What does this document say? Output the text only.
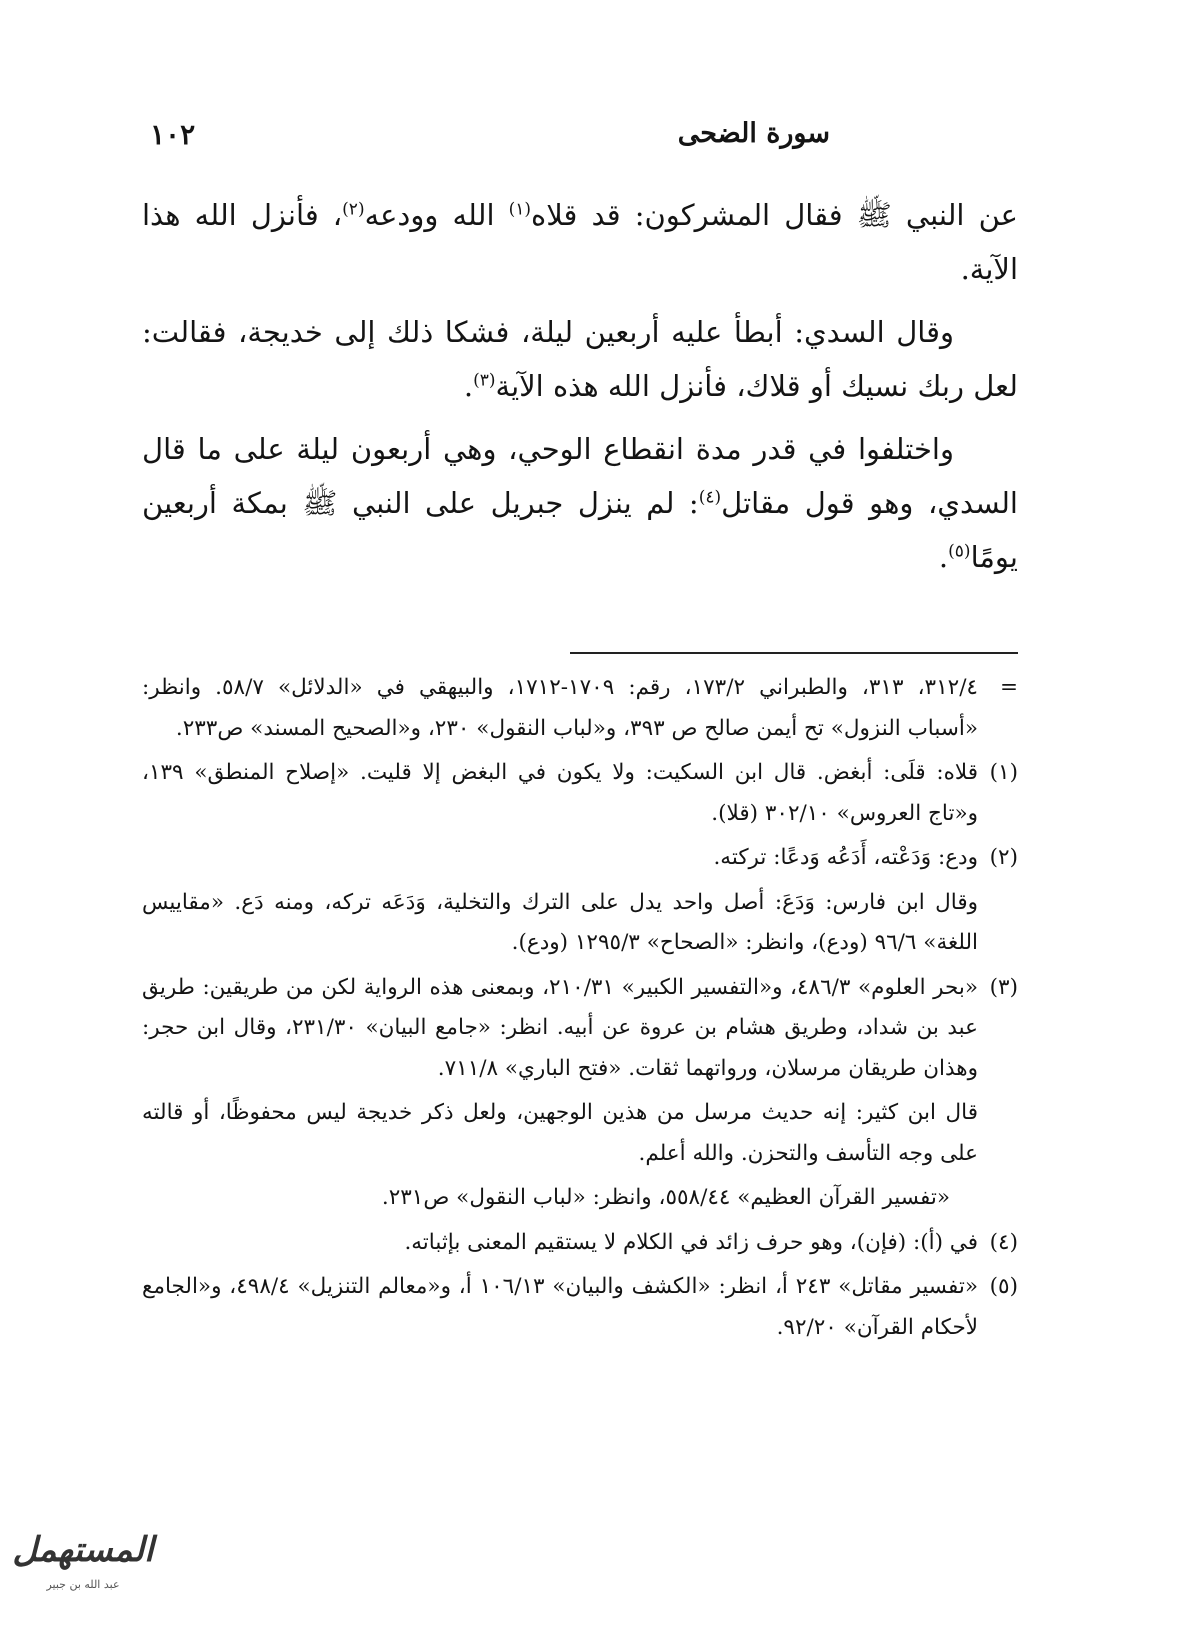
سورة الضحى
١٠٢

عن النبي ﷺ فقال المشركون: قد قلاه$^{(١)}$ الله وودعه$^{(٢)}$، فأنزل الله هذا الآية.

وقال السدي: أبطأ عليه أربعين ليلة، فشكا ذلك إلى خديجة، فقالت: لعل ربك نسيك أو قلاك، فأنزل الله هذه الآية$^{(٣)}$.

واختلفوا في قدر مدة انقطاع الوحي، وهي أربعون ليلة على ما قال السدي، وهو قول مقاتل$^{(٤)}$: لم ينزل جبريل على النبي ﷺ بمكة أربعين يومًا$^{(٥)}$.

=
٣١٢/٤، ٣١٣، والطبراني ١٧٣/٢، رقم: ١٧٠٩-١٧١٢، والبيهقي في «الدلائل» ٥٨/٧. وانظر: «أسباب النزول» تح أيمن صالح ص ٣٩٣، و«لباب النقول» ٢٣٠، و«الصحيح المسند» ص٢٣٣.
(١)
قلاه: قلَى: أبغض. قال ابن السكيت: ولا يكون في البغض إلا قليت. «إصلاح المنطق» ١٣٩، و«تاج العروس» ٣٠٢/١٠ (قلا).
(٢)
ودع: وَدَعْته، أَدَعُه وَدعًا: تركته.
وقال ابن فارس: وَدَعَ: أصل واحد يدل على الترك والتخلية، وَدَعَه تركه، ومنه دَع. «مقاييس اللغة» ٩٦/٦ (ودع)، وانظر: «الصحاح» ١٢٩٥/٣ (ودع).
(٣)
«بحر العلوم» ٤٨٦/٣، و«التفسير الكبير» ٢١٠/٣١، وبمعنى هذه الرواية لكن من طريقين: طريق عبد بن شداد، وطريق هشام بن عروة عن أبيه. انظر: «جامع البيان» ٢٣١/٣٠، وقال ابن حجر: وهذان طريقان مرسلان، ورواتهما ثقات. «فتح الباري» ٧١١/٨.
قال ابن كثير: إنه حديث مرسل من هذين الوجهين، ولعل ذكر خديجة ليس محفوظًا، أو قالته على وجه التأسف والتحزن. والله أعلم.
«تفسير القرآن العظيم» ٥٥٨/٤٤، وانظر: «لباب النقول» ص٢٣١.
(٤)
في (أ): (فإن)، وهو حرف زائد في الكلام لا يستقيم المعنى بإثباته.
(٥)
«تفسير مقاتل» ٢٤٣ أ، انظر: «الكشف والبيان» ١٠٦/١٣ أ، و«معالم التنزيل» ٤٩٨/٤، و«الجامع لأحكام القرآن» ٩٢/٢٠.
المستهمل
عبد الله بن جبير
